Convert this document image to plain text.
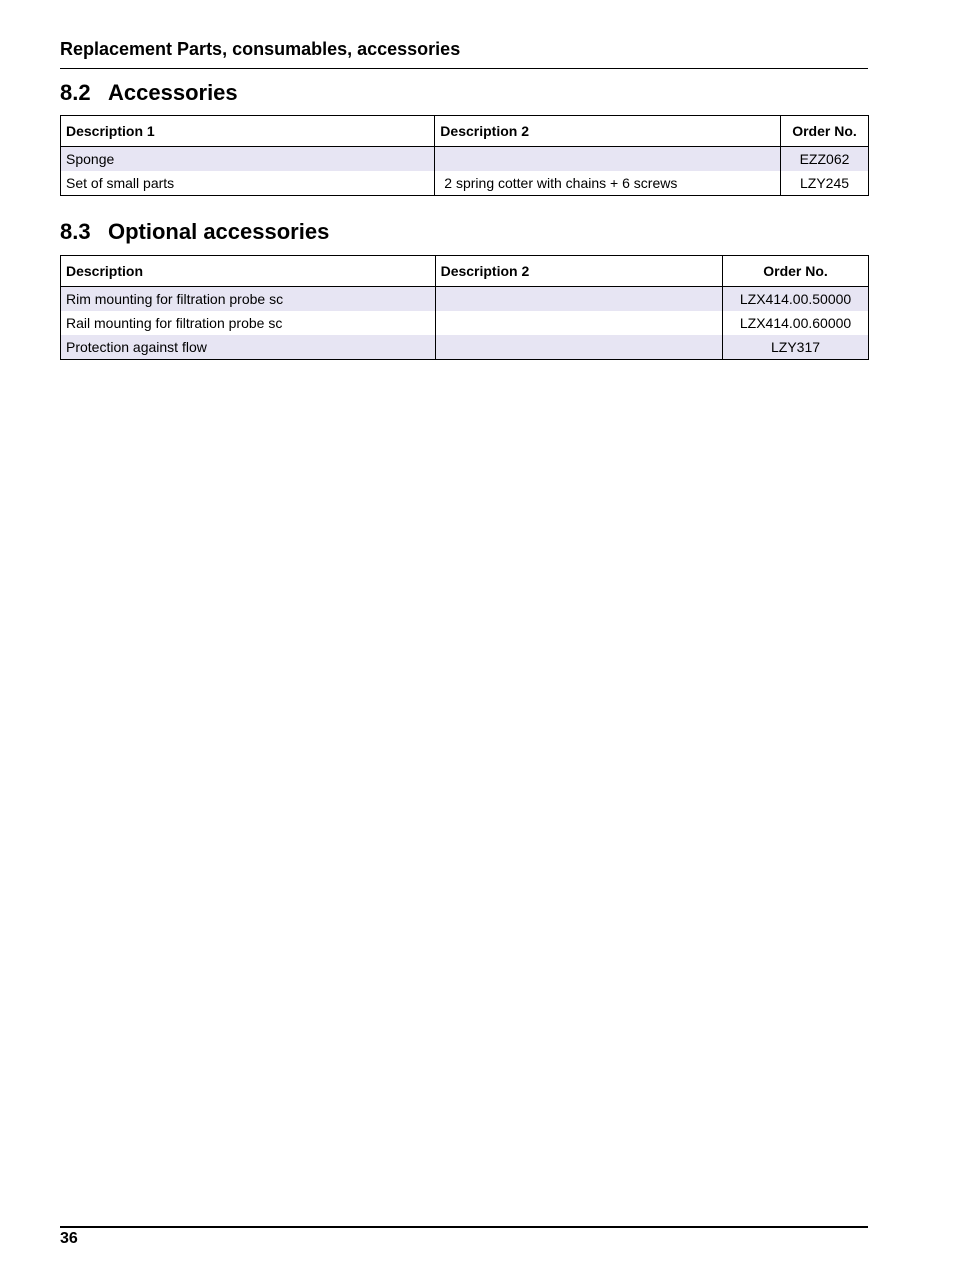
Replacement Parts, consumables, accessories
8.2 Accessories
Description 1	Description 2	Order No.
Sponge		EZZ062
Set of small parts	2 spring cotter with chains + 6 screws	LZY245
8.3 Optional accessories
Description	Description 2	Order No.
Rim mounting for filtration probe sc		LZX414.00.50000
Rail mounting for filtration probe sc		LZX414.00.60000
Protection against flow		LZY317
36
